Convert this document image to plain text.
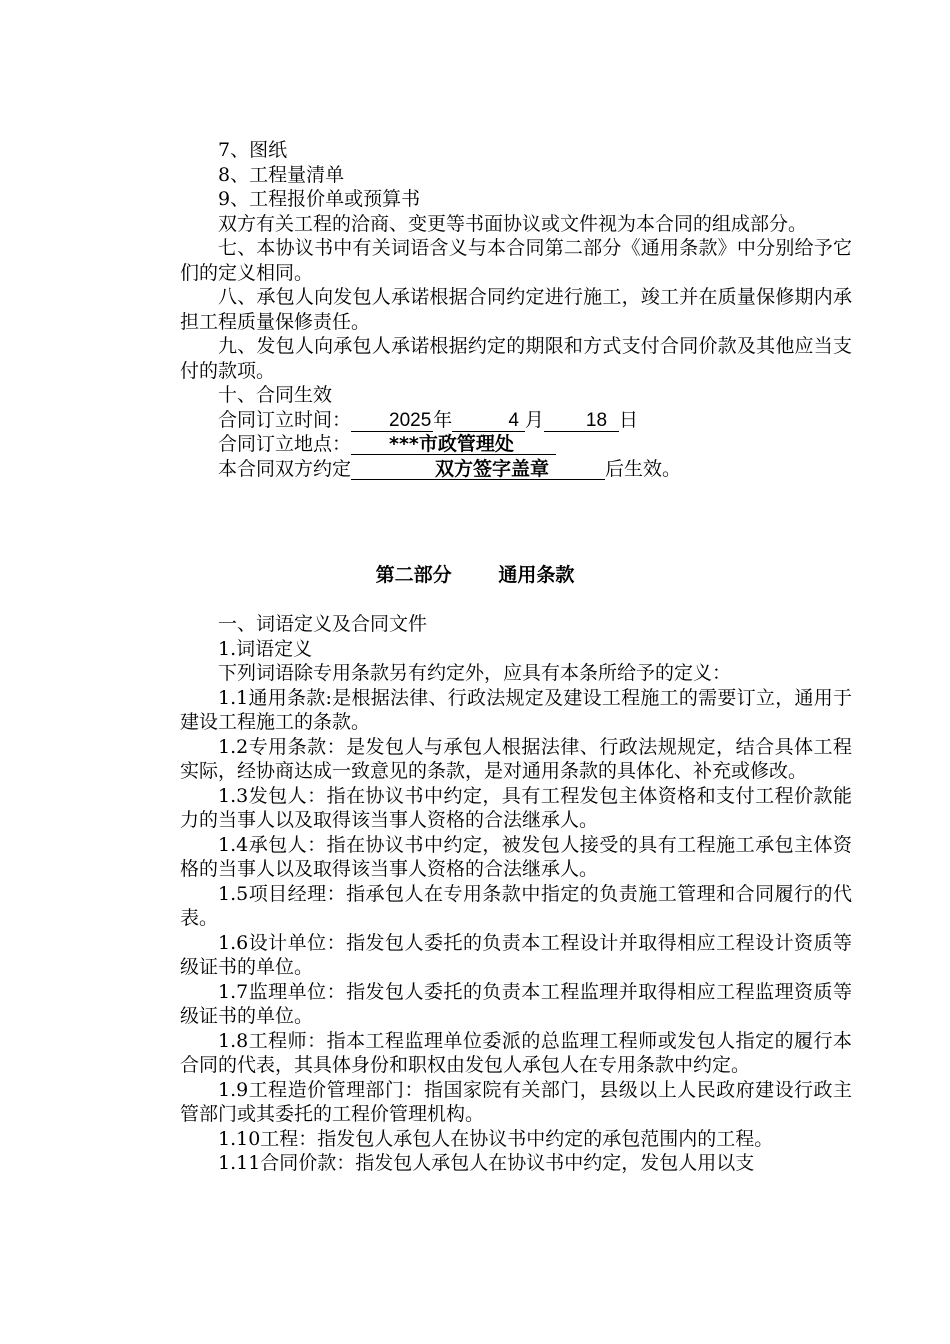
7、图纸

8、工程量清单

9、工程报价单或预算书

双方有关工程的洽商、变更等书面协议或文件视为本合同的组成部分。

七、本协议书中有关词语含义与本合同第二部分《通用条款》中分别给予它们的定义相同。

八、承包人向发包人承诺根据合同约定进行施工，竣工并在质量保修期内承担工程质量保修责任。

九、发包人向承包人承诺根据约定的期限和方式支付合同价款及其他应当支付的款项。

十、合同生效

合同订立时间： 2025 年	4 月 18 日

合同订立地点： ***市政管理处

本合同双方约定	双方签字盖章	后生效。

第二部分 通用条款

一、词语定义及合同文件

1.词语定义

下列词语除专用条款另有约定外，应具有本条所给予的定义：

1.1通用条款:是根据法律、行政法规定及建设工程施工的需要订立，通用于建设工程施工的条款。

1.2专用条款：是发包人与承包人根据法律、行政法规规定，结合具体工程实际，经协商达成一致意见的条款，是对通用条款的具体化、补充或修改。

1.3发包人：指在协议书中约定，具有工程发包主体资格和支付工程价款能力的当事人以及取得该当事人资格的合法继承人。

1.4承包人：指在协议书中约定，被发包人接受的具有工程施工承包主体资格的当事人以及取得该当事人资格的合法继承人。

1.5项目经理：指承包人在专用条款中指定的负责施工管理和合同履行的代表。

1.6设计单位：指发包人委托的负责本工程设计并取得相应工程设计资质等级证书的单位。

1.7监理单位：指发包人委托的负责本工程监理并取得相应工程监理资质等级证书的单位。

1.8工程师：指本工程监理单位委派的总监理工程师或发包人指定的履行本合同的代表，其具体身份和职权由发包人承包人在专用条款中约定。

1.9工程造价管理部门：指国家院有关部门，县级以上人民政府建设行政主管部门或其委托的工程价管理机构。

1.10工程：指发包人承包人在协议书中约定的承包范围内的工程。

1.11合同价款：指发包人承包人在协议书中约定，发包人用以支
